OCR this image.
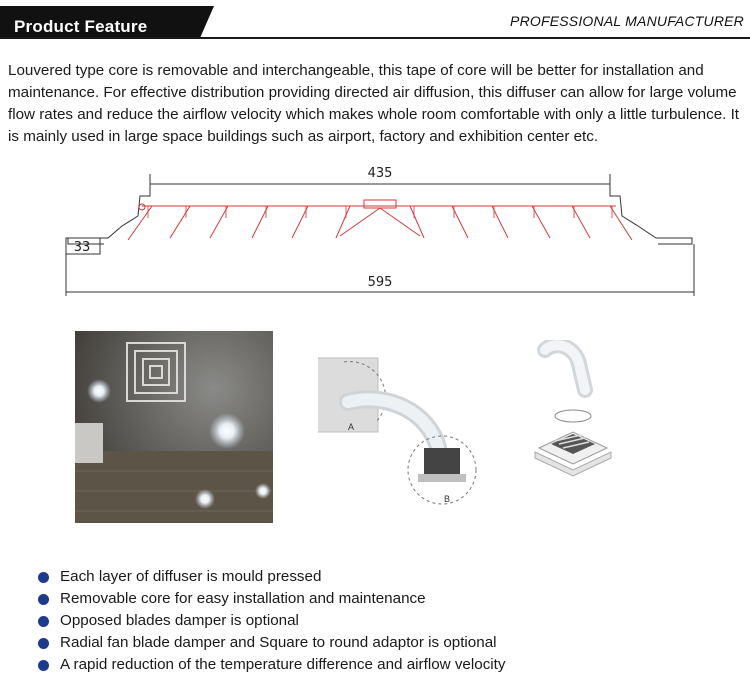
Product Feature	PROFESSIONAL MANUFACTURER
Louvered type core is removable and interchangeable, this tape of core will be better for installation and maintenance. For effective distribution providing directed air diffusion, this diffuser can allow for large volume flow rates and reduce the airflow velocity which makes whole room comfortable with only a little turbulence. It is mainly used in large space buildings such as airport, factory and exhibition center etc.
435
33
595
A
B
Each layer of diffuser is mould pressed
Removable core for easy installation and maintenance
Opposed blades damper is optional
Radial fan blade damper and Square to round adaptor is optional
A rapid reduction of the temperature difference and airflow velocity
